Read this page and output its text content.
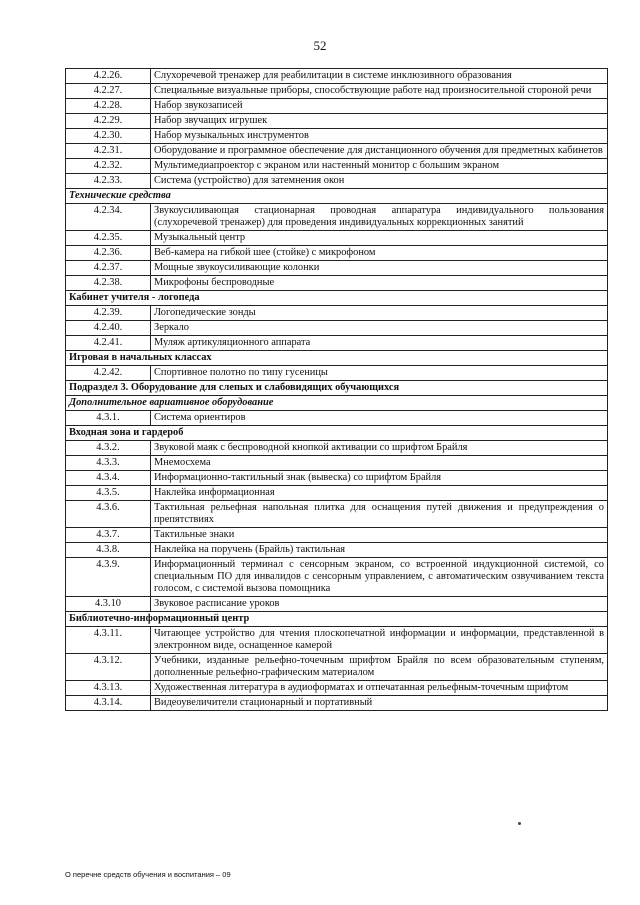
52
4.2.26.	Слухоречевой тренажер для реабилитации в системе инклюзивного образования
4.2.27.	Специальные визуальные приборы, способствующие работе над произносительной стороной речи
4.2.28.	Набор звукозаписей
4.2.29.	Набор звучащих игрушек
4.2.30.	Набор музыкальных инструментов
4.2.31.	Оборудование и программное обеспечение для дистанционного обучения для предметных кабинетов
4.2.32.	Мультимедиапроектор с экраном или настенный монитор с большим экраном
4.2.33.	Система (устройство) для затемнения окон
Технические средства	
4.2.34.	Звукоусиливающая стационарная проводная аппаратура индивидуального пользования (слухоречевой тренажер) для проведения индивидуальных коррекционных занятий
4.2.35.	Музыкальный центр
4.2.36.	Веб-камера на гибкой шее (стойке) с микрофоном
4.2.37.	Мощные звукоусиливающие колонки
4.2.38.	Микрофоны беспроводные
Кабинет учителя - логопеда	
4.2.39.	Логопедические зонды
4.2.40.	Зеркало
4.2.41.	Муляж артикуляционного аппарата
Игровая в начальных классах	
4.2.42.	Спортивное полотно по типу гусеницы
Подраздел 3. Оборудование для слепых и слабовидящих обучающихся	
Дополнительное вариативное оборудование	
4.3.1.	Система ориентиров
Входная зона и гардероб	
4.3.2.	Звуковой маяк с беспроводной кнопкой активации со шрифтом Брайля
4.3.3.	Мнемосхема
4.3.4.	Информационно-тактильный знак (вывеска) со шрифтом Брайля
4.3.5.	Наклейка информационная
4.3.6.	Тактильная рельефная напольная плитка для оснащения путей движения и предупреждения о препятствиях
4.3.7.	Тактильные знаки
4.3.8.	Наклейка на поручень (Брайль) тактильная
4.3.9.	Информационный терминал с сенсорным экраном, со встроенной индукционной системой, со специальным ПО для инвалидов с сенсорным управлением, с автоматическим озвучиванием текста голосом, с системой вызова помощника
4.3.10	Звуковое расписание уроков
Библиотечно-информационный центр	
4.3.11.	Читающее устройство для чтения плоскопечатной информации и информации, представленной в электронном виде, оснащенное камерой
4.3.12.	Учебники, изданные рельефно-точечным шрифтом Брайля по всем образовательным ступеням, дополненные рельефно-графическим материалом
4.3.13.	Художественная литература в аудиоформатах и отпечатанная рельефным-точечным шрифтом
4.3.14.	Видеоувеличители стационарный и портативный
О перечне средств обучения и воспитания – 09
